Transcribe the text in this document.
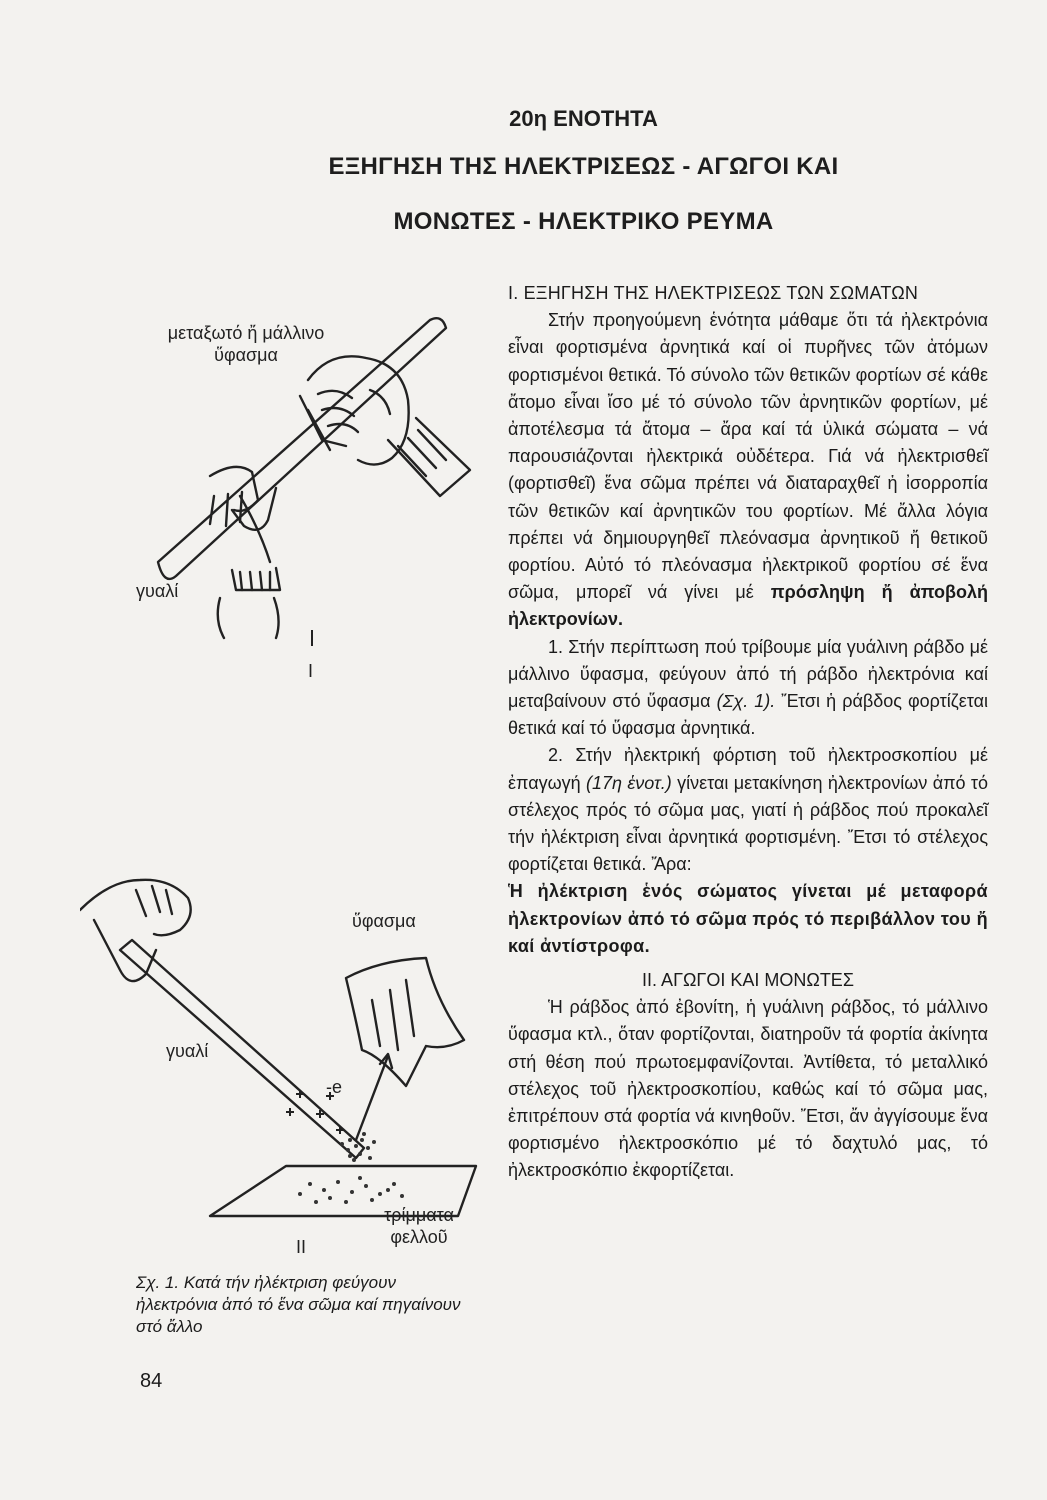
20η ΕΝΟΤΗΤΑ
ΕΞΗΓΗΣΗ ΤΗΣ ΗΛΕΚΤΡΙΣΕΩΣ - ΑΓΩΓΟΙ ΚΑΙ
ΜΟΝΩΤΕΣ - ΗΛΕΚΤΡΙΚΟ ΡΕΥΜΑ
μεταξωτό ἤ μάλλινο ὕφασμα
γυαλί
I
ὕφασμα
γυαλί
-e
τρίμματα φελλοῦ
II
Σχ. 1. Κατά τήν ἠλέκτριση φεύγουν ἠλεκτρόνια ἀπό τό ἕνα σῶμα καί πηγαίνουν στό ἄλλο
84

Ι. ΕΞΗΓΗΣΗ ΤΗΣ ΗΛΕΚΤΡΙΣΕΩΣ ΤΩΝ ΣΩΜΑΤΩΝ

Στήν προηγούμενη ἑνότητα μάθαμε ὅτι τά ἠλεκτρόνια εἶναι φορτισμένα ἀρνητικά καί οἱ πυρῆνες τῶν ἀτόμων φορτισμένοι θετικά. Τό σύνολο τῶν θετικῶν φορτίων σέ κάθε ἄτομο εἶναι ἴσο μέ τό σύνολο τῶν ἀρνητικῶν φορτίων, μέ ἀποτέλεσμα τά ἄτομα – ἄρα καί τά ὑλικά σώματα – νά παρουσιάζονται ἠλεκτρικά οὐδέτερα. Γιά νά ἠλεκτρισθεῖ (φορτισθεῖ) ἕνα σῶμα πρέπει νά διαταραχθεῖ ἡ ἰσορροπία τῶν θετικῶν καί ἀρνητικῶν του φορτίων. Μέ ἄλλα λόγια πρέπει νά δημιουργηθεῖ πλεόνασμα ἀρνητικοῦ ἤ θετικοῦ φορτίου. Αὐτό τό πλεόνασμα ἠλεκτρικοῦ φορτίου σέ ἕνα σῶμα, μπορεῖ νά γίνει μέ πρόσληψη ἤ ἀποβολή ἠλεκτρονίων.

1. Στήν περίπτωση πού τρίβουμε μία γυάλινη ράβδο μέ μάλλινο ὕφασμα, φεύγουν ἀπό τή ράβδο ἠλεκτρόνια καί μεταβαίνουν στό ὕφασμα (Σχ. 1). Ἔτσι ἡ ράβδος φορτίζεται θετικά καί τό ὕφασμα ἀρνητικά.

2. Στήν ἠλεκτρική φόρτιση τοῦ ἠλεκτροσκοπίου μέ ἐπαγωγή (17η ἑνοτ.) γίνεται μετακίνηση ἠλεκτρονίων ἀπό τό στέλεχος πρός τό σῶμα μας, γιατί ἡ ράβδος πού προκαλεῖ τήν ἠλέκτριση εἶναι ἀρνητικά φορτισμένη. Ἔτσι τό στέλεχος φορτίζεται θετικά. Ἄρα:

Ἡ ἠλέκτριση ἑνός σώματος γίνεται μέ μεταφορά ἠλεκτρονίων ἀπό τό σῶμα πρός τό περιβάλλον του ἤ καί ἀντίστροφα.

ΙΙ. ΑΓΩΓΟΙ ΚΑΙ ΜΟΝΩΤΕΣ

Ἡ ράβδος ἀπό ἐβονίτη, ἡ γυάλινη ράβδος, τό μάλλινο ὕφασμα κτλ., ὅταν φορτίζονται, διατηροῦν τά φορτία ἀκίνητα στή θέση πού πρωτοεμφανίζονται. Ἀντίθετα, τό μεταλλικό στέλεχος τοῦ ἠλεκτροσκοπίου, καθώς καί τό σῶμα μας, ἐπιτρέπουν στά φορτία νά κινηθοῦν. Ἔτσι, ἄν ἀγγίσουμε ἕνα φορτισμένο ἠλεκτροσκόπιο μέ τό δαχτυλό μας, τό ἠλεκτροσκόπιο ἐκφορτίζεται.
